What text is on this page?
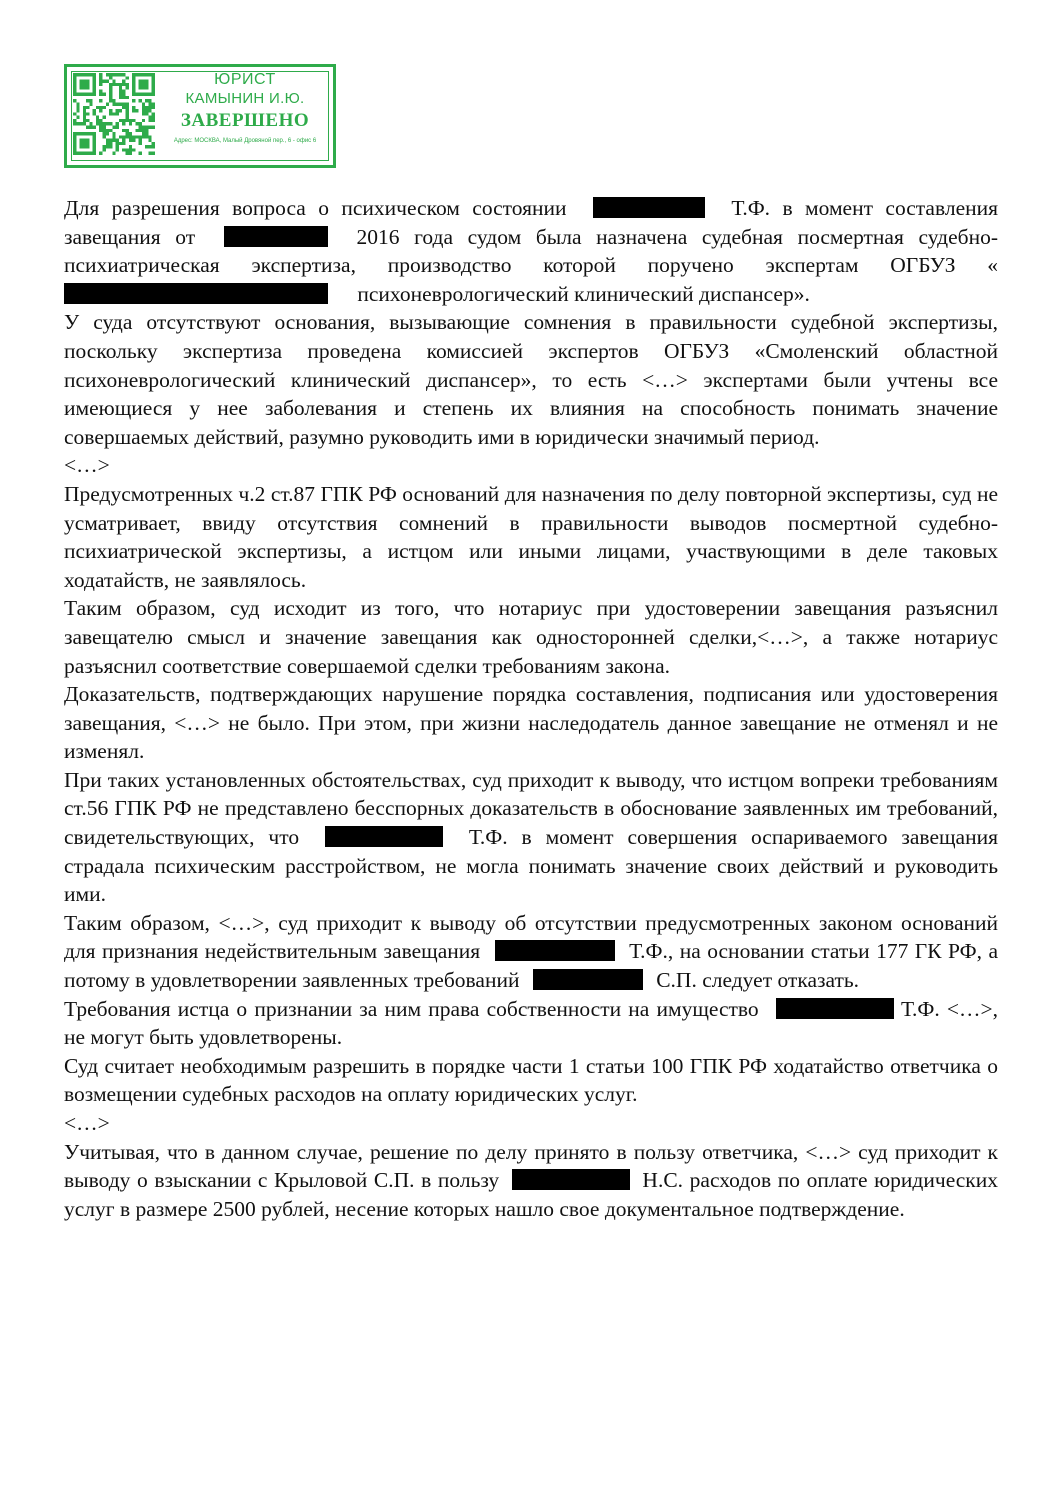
ЮРИСТ
КАМЫНИН И.Ю.
ЗАВЕРШЕНО
Адрес: МОСКВА, Малый Дровяной пер., 6 - офис 6

Для разрешения вопроса о психическом состоянии	Т.Ф. в момент составления завещания от	2016 года судом была назначена судебная посмертная судебно-психиатрическая экспертиза, производство которой поручено экспертам ОГБУЗ « психоневрологический клинический диспансер».

У суда отсутствуют основания, вызывающие сомнения в правильности судебной экспертизы, поскольку экспертиза проведена комиссией экспертов ОГБУЗ «Смоленский областной психоневрологический клинический диспансер», то есть <…> экспертами были учтены все имеющиеся у нее заболевания и степень их влияния на способность понимать значение совершаемых действий, разумно руководить ими в юридически значимый период.

<…>

Предусмотренных ч.2 ст.87 ГПК РФ оснований для назначения по делу повторной экспертизы, суд не усматривает, ввиду отсутствия сомнений в правильности выводов посмертной судебно-психиатрической экспертизы, а истцом или иными лицами, участвующими в деле таковых ходатайств, не заявлялось.

Таким образом, суд исходит из того, что нотариус при удостоверении завещания разъяснил завещателю смысл и значение завещания как односторонней сделки,<…>, а также нотариус разъяснил соответствие совершаемой сделки требованиям закона.

Доказательств, подтверждающих нарушение порядка составления, подписания или удостоверения завещания, <…> не было. При этом, при жизни наследодатель данное завещание не отменял и не изменял.

При таких установленных обстоятельствах, суд приходит к выводу, что истцом вопреки требованиям ст.56 ГПК РФ не представлено бесспорных доказательств в обоснование заявленных им требований, свидетельствующих, что	Т.Ф. в момент совершения оспариваемого завещания страдала психическим расстройством, не могла понимать значение своих действий и руководить ими.

Таким образом, <…>, суд приходит к выводу об отсутствии предусмотренных законом оснований для признания недействительным завещания	Т.Ф., на основании статьи 177 ГК РФ, а потому в удовлетворении заявленных требований	С.П. следует отказать.

Требования истца о признании за ним права собственности на имущество	Т.Ф. <…>, не могут быть удовлетворены.

Суд считает необходимым разрешить в порядке части 1 статьи 100 ГПК РФ ходатайство ответчика о возмещении судебных расходов на оплату юридических услуг.

<…>

Учитывая, что в данном случае, решение по делу принято в пользу ответчика, <…> суд приходит к выводу о взыскании с Крыловой С.П. в пользу	Н.С. расходов по оплате юридических услуг в размере 2500 рублей, несение которых нашло свое документальное подтверждение.
